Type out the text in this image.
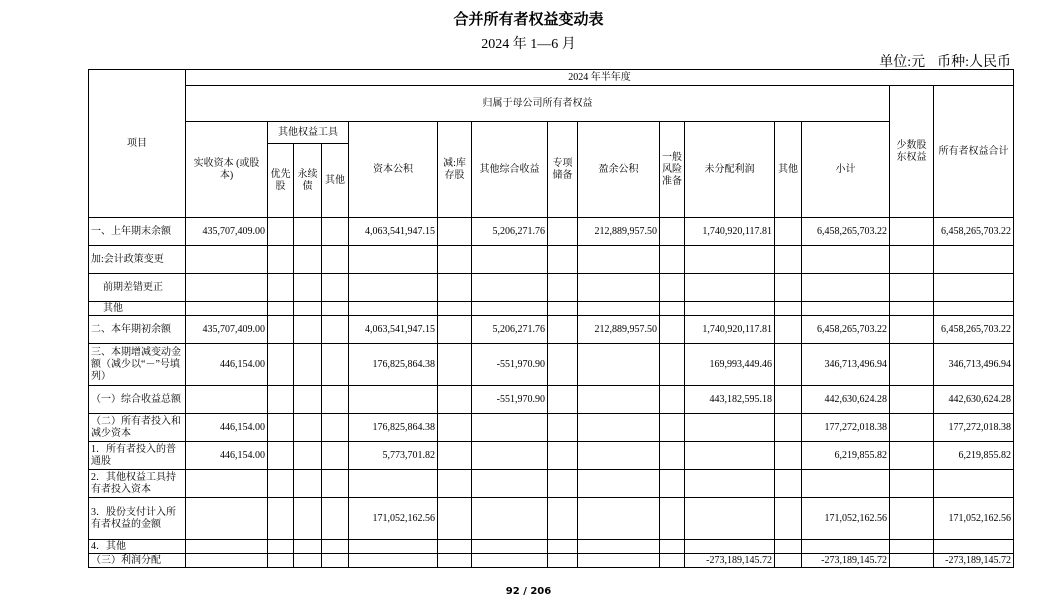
合并所有者权益变动表
2024 年 1—6 月
单位:元 币种:人民币
项目	2024 年半年度														
	归属于母公司所有者权益													少数股东权益	所有者权益合计
	实收资本 (或股本)	其他权益工具			资本公积	减:库存股	其他综合收益	专项储备	盈余公积	一般风险准备	未分配利润	其他	小计		
		优先股	永续债	其他											
一、上年期末余额	435,707,409.00				4,063,541,947.15		5,206,271.76		212,889,957.50		1,740,920,117.81		6,458,265,703.22		6,458,265,703.22
加:会计政策变更															
前期差错更正															
其他															
二、本年期初余额	435,707,409.00				4,063,541,947.15		5,206,271.76		212,889,957.50		1,740,920,117.81		6,458,265,703.22		6,458,265,703.22
三、本期增减变动金额（减少以“－”号填列）	446,154.00				176,825,864.38		-551,970.90				169,993,449.46		346,713,496.94		346,713,496.94
（一）综合收益总额							-551,970.90				443,182,595.18		442,630,624.28		442,630,624.28
（二）所有者投入和减少资本	446,154.00				176,825,864.38								177,272,018.38		177,272,018.38
1．所有者投入的普通股	446,154.00				5,773,701.82								6,219,855.82		6,219,855.82
2．其他权益工具持有者投入资本															
3．股份支付计入所有者权益的金额					171,052,162.56								171,052,162.56		171,052,162.56
4．其他															
（三）利润分配											-273,189,145.72		-273,189,145.72		-273,189,145.72
92 / 206
